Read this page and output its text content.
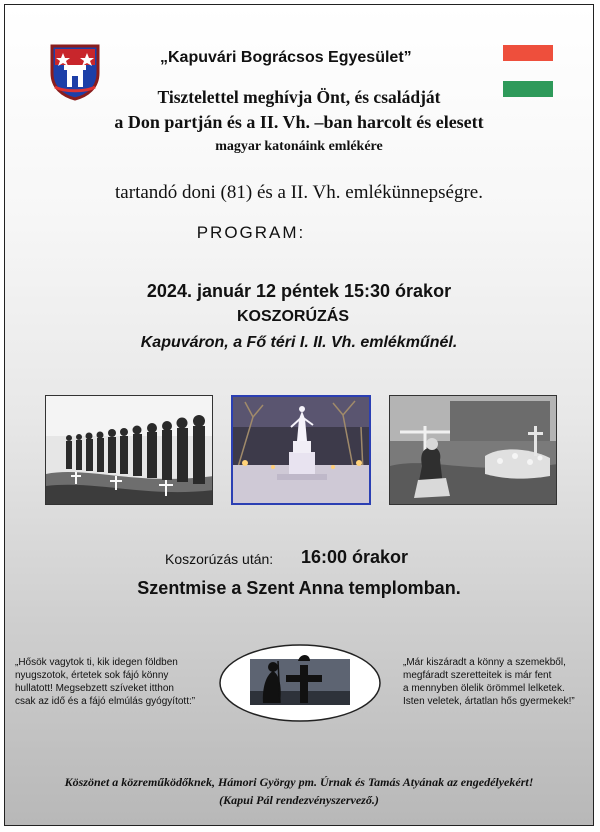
„Kapuvári Bográcsos Egyesület”
Tisztelettel meghívja Önt, és családját
a Don partján és a II. Vh. –ban harcolt és elesett
magyar katonáink emlékére
tartandó doni (81) és a II. Vh. emlékünnepségre.
PROGRAM:
2024. január 12 péntek 15:30 órakor
KOSZORÚZÁS
Kapuváron, a Fő téri I. II. Vh. emlékműnél.
Koszorúzás után: 16:00 órakor
Szentmise a Szent Anna templomban.
„Hősök vagytok ti, kik idegen földben
nyugszotok, értetek sok fájó könny
hullatott! Megsebzett szíveket itthon
csak az idő és a fájó elmúlás gyógyított:”
„Már kiszáradt a könny a szemekből,
megfáradt szeretteitek is már fent
a mennyben ölelik örömmel lelketek.
Isten veletek, ártatlan hős gyermekek!”
Köszönet a közreműködőknek, Hámori György pm. Úrnak és Tamás Atyának az engedélyekért!
(Kapui Pál rendezvényszervező.)
